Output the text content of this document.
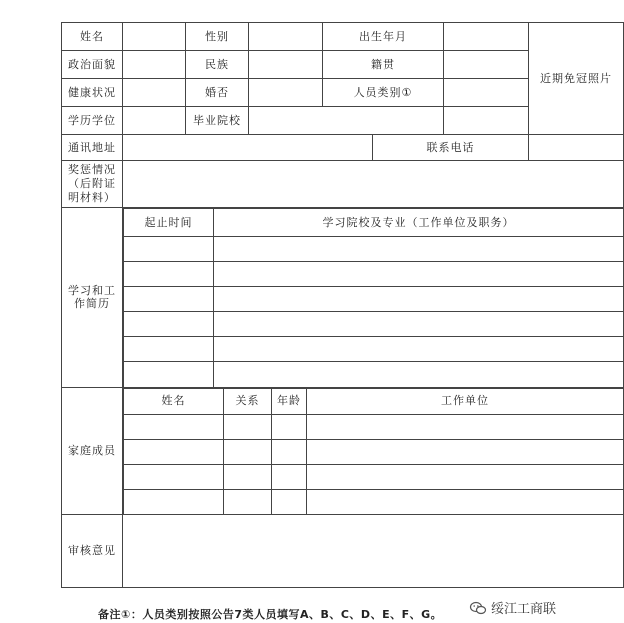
姓名		性别		出生年月		近期免冠照片
政治面貌		民族		籍贯	
健康状况		婚否		人员类别①	
学历学位		毕业院校		
通讯地址		联系电话	
奖惩情况（后附证明材料）	
学习和工作简历	
起止时间	学习院校及专业（工作单位及职务）

家庭成员	
姓名	关系	年龄	工作单位

审核意见	
备注①：人员类别按照公告7类人员填写A、B、C、D、E、F、G。	绥江工商联
